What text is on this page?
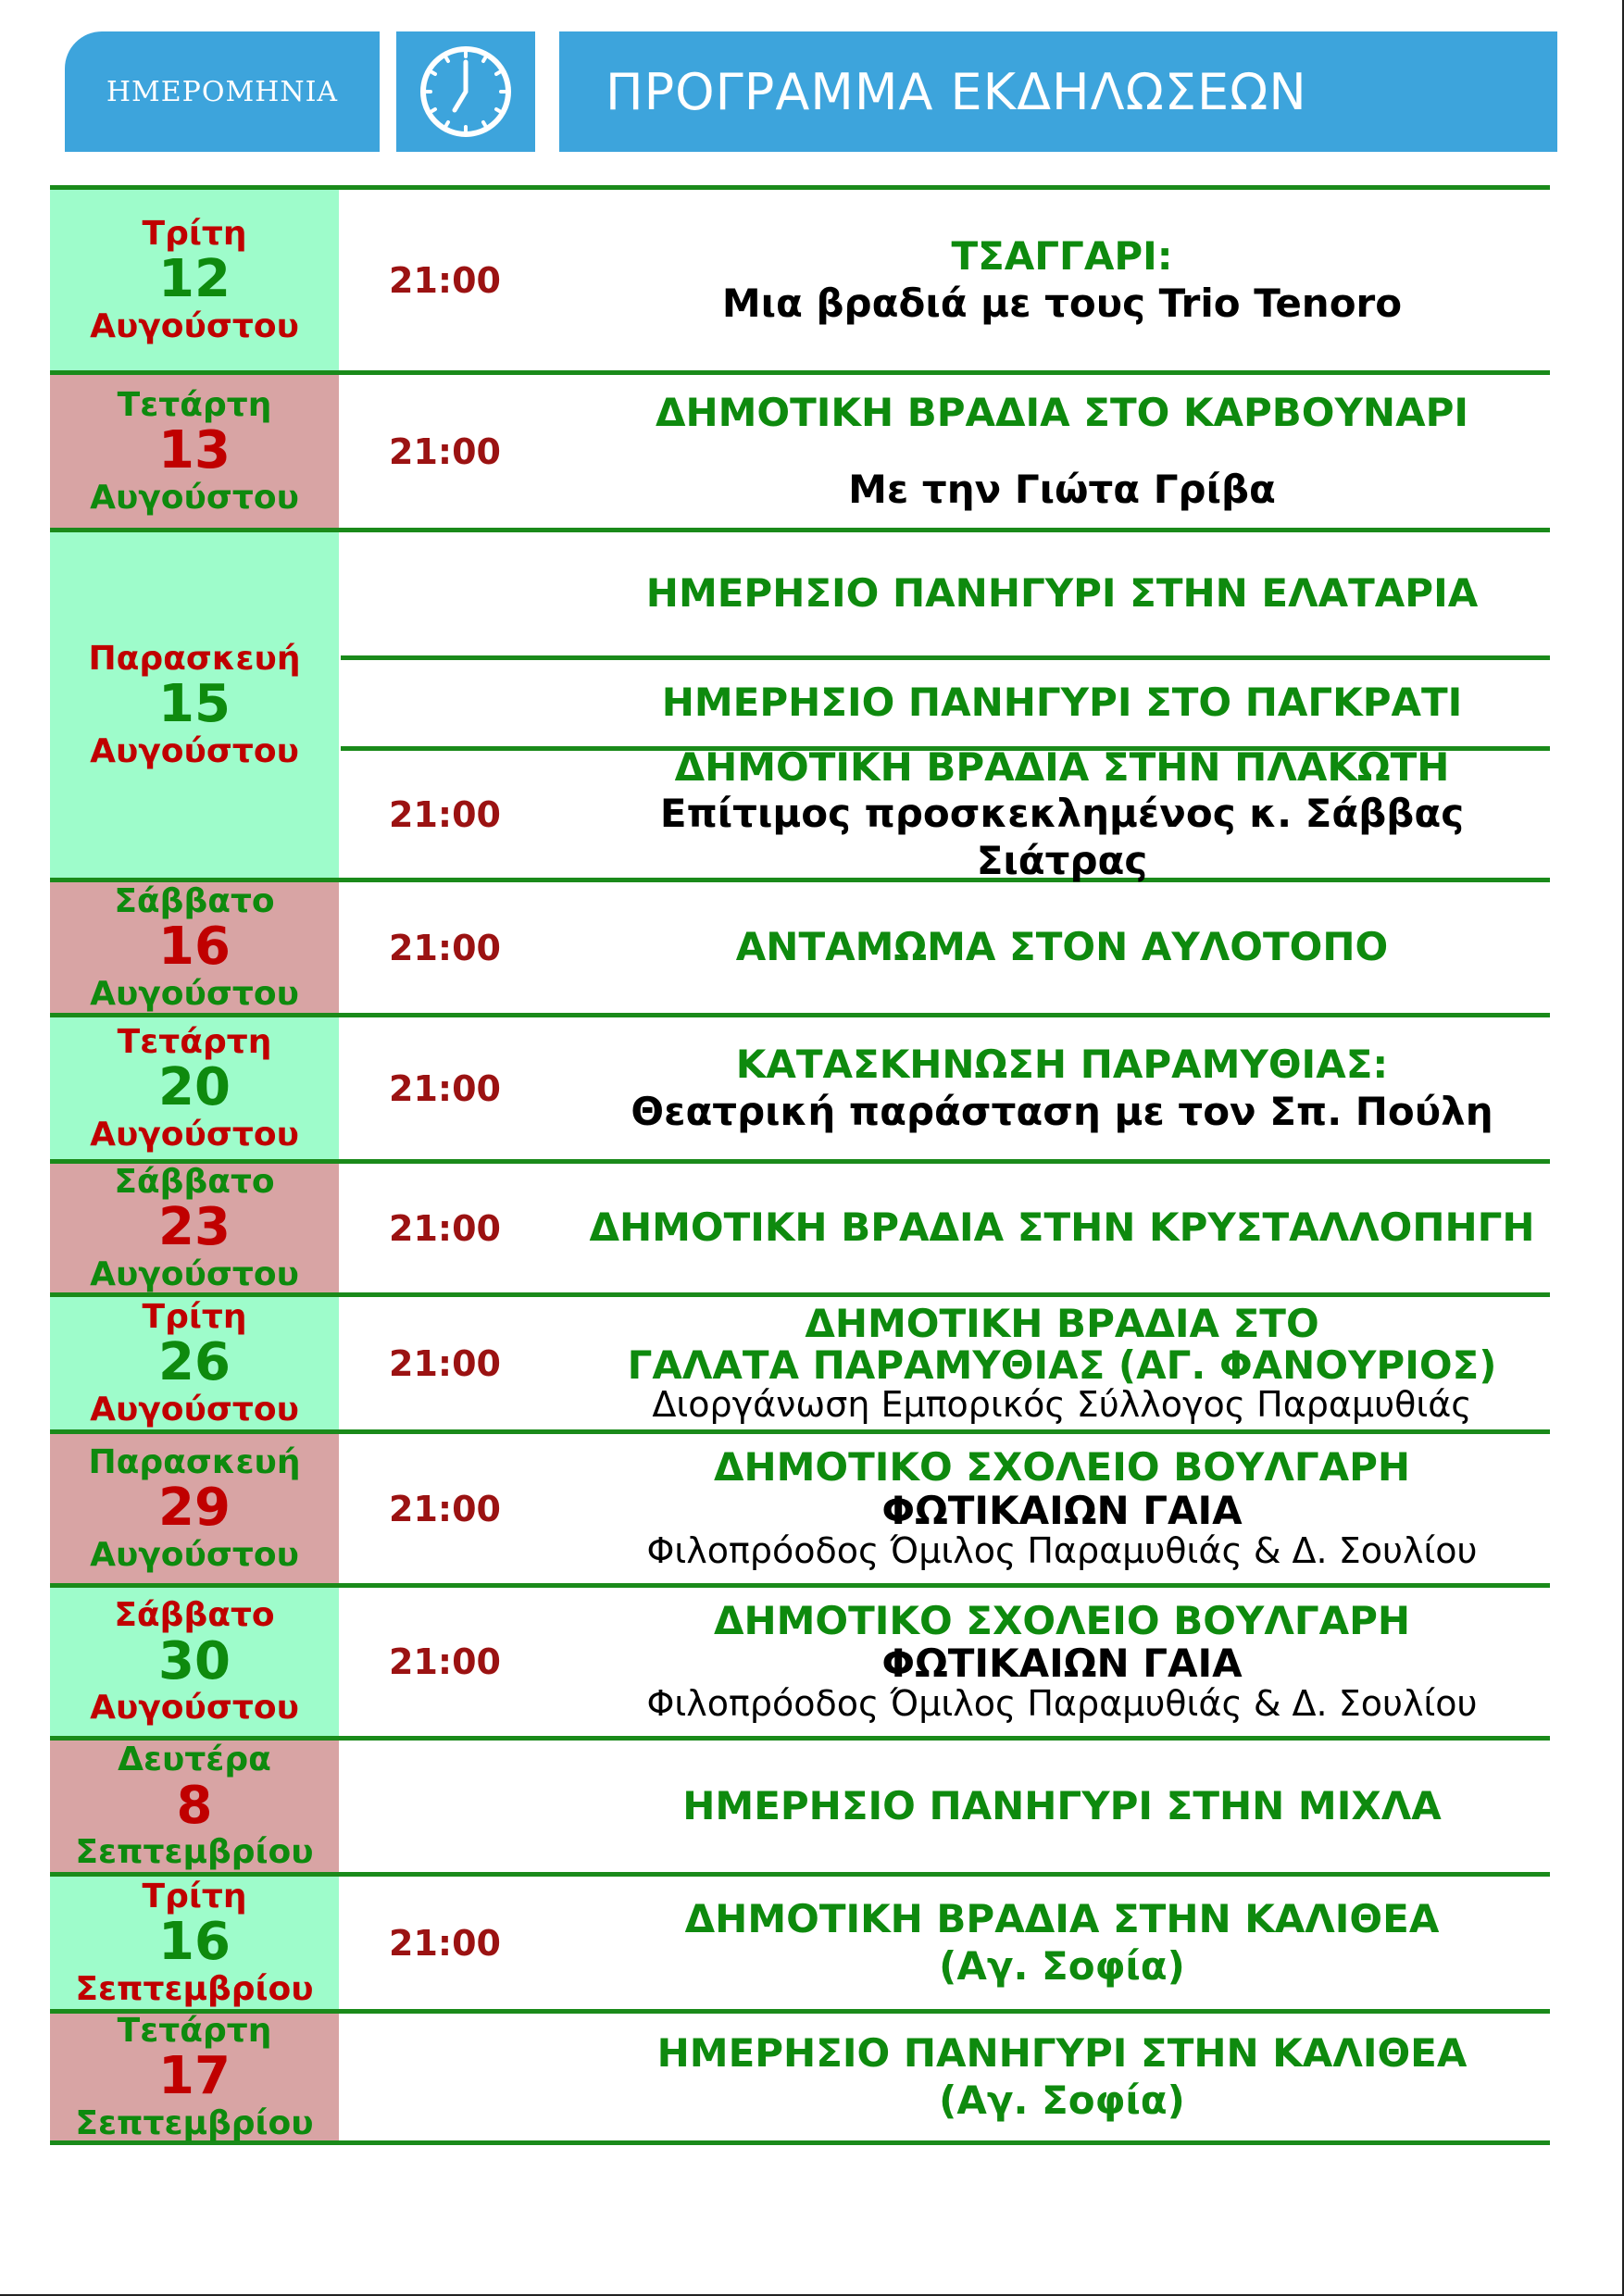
ΗΜΕΡΟΜΗΝΙΑ	ΠΡΟΓΡΑΜΜΑ ΕΚΔΗΛΩΣΕΩΝ
Τρίτη
12
Αυγούστου
Τετάρτη
13
Αυγούστου
Παρασκευή
15
Αυγούστου
Σάββατο
16
Αυγούστου
Τετάρτη
20
Αυγούστου
Σάββατο
23
Αυγούστου
Τρίτη
26
Αυγούστου
Παρασκευή
29
Αυγούστου
Σάββατο
30
Αυγούστου
Δευτέρα
8
Σεπτεμβρίου
Τρίτη
16
Σεπτεμβρίου
Τετάρτη
17
Σεπτεμβρίου
21:00
21:00
21:00
21:00
21:00
21:00
21:00
21:00
21:00
21:00
ΤΣΑΓΓΑΡΙ:
Μια βραδιά με τους Trio Tenoro
ΔΗΜΟΤΙΚΗ ΒΡΑΔΙΑ ΣΤΟ ΚΑΡΒΟΥΝΑΡΙ
Με την Γιώτα Γρίβα
ΗΜΕΡΗΣΙΟ ΠΑΝΗΓΥΡΙ ΣΤΗΝ ΕΛΑΤΑΡΙΑ
ΗΜΕΡΗΣΙΟ ΠΑΝΗΓΥΡΙ ΣΤΟ ΠΑΓΚΡΑΤΙ
ΔΗΜΟΤΙΚΗ ΒΡΑΔΙΑ ΣΤΗΝ ΠΛΑΚΩΤΗ
Επίτιμος προσκεκλημένος κ. Σάββας Σιάτρας
ΑΝΤΑΜΩΜΑ ΣΤΟΝ ΑΥΛΟΤΟΠΟ
ΚΑΤΑΣΚΗΝΩΣΗ ΠΑΡΑΜΥΘΙΑΣ:
Θεατρική παράσταση με τον Σπ. Πούλη
ΔΗΜΟΤΙΚΗ ΒΡΑΔΙΑ ΣΤΗΝ ΚΡΥΣΤΑΛΛΟΠΗΓΗ
ΔΗΜΟΤΙΚΗ ΒΡΑΔΙΑ ΣΤΟ
ΓΑΛΑΤΑ ΠΑΡΑΜΥΘΙΑΣ (ΑΓ. ΦΑΝΟΥΡΙΟΣ)
Διοργάνωση Εμπορικός Σύλλογος Παραμυθιάς
ΔΗΜΟΤΙΚΟ ΣΧΟΛΕΙΟ ΒΟΥΛΓΑΡΗ
ΦΩΤΙΚΑΙΩΝ ΓΑΙΑ
Φιλοπρόοδος Όμιλος Παραμυθιάς & Δ. Σουλίου
ΔΗΜΟΤΙΚΟ ΣΧΟΛΕΙΟ ΒΟΥΛΓΑΡΗ
ΦΩΤΙΚΑΙΩΝ ΓΑΙΑ
Φιλοπρόοδος Όμιλος Παραμυθιάς & Δ. Σουλίου
ΗΜΕΡΗΣΙΟ ΠΑΝΗΓΥΡΙ ΣΤΗΝ ΜΙΧΛΑ
ΔΗΜΟΤΙΚΗ ΒΡΑΔΙΑ ΣΤΗΝ ΚΑΛΙΘΕΑ
(Αγ. Σοφία)
ΗΜΕΡΗΣΙΟ ΠΑΝΗΓΥΡΙ ΣΤΗΝ ΚΑΛΙΘΕΑ
(Αγ. Σοφία)
